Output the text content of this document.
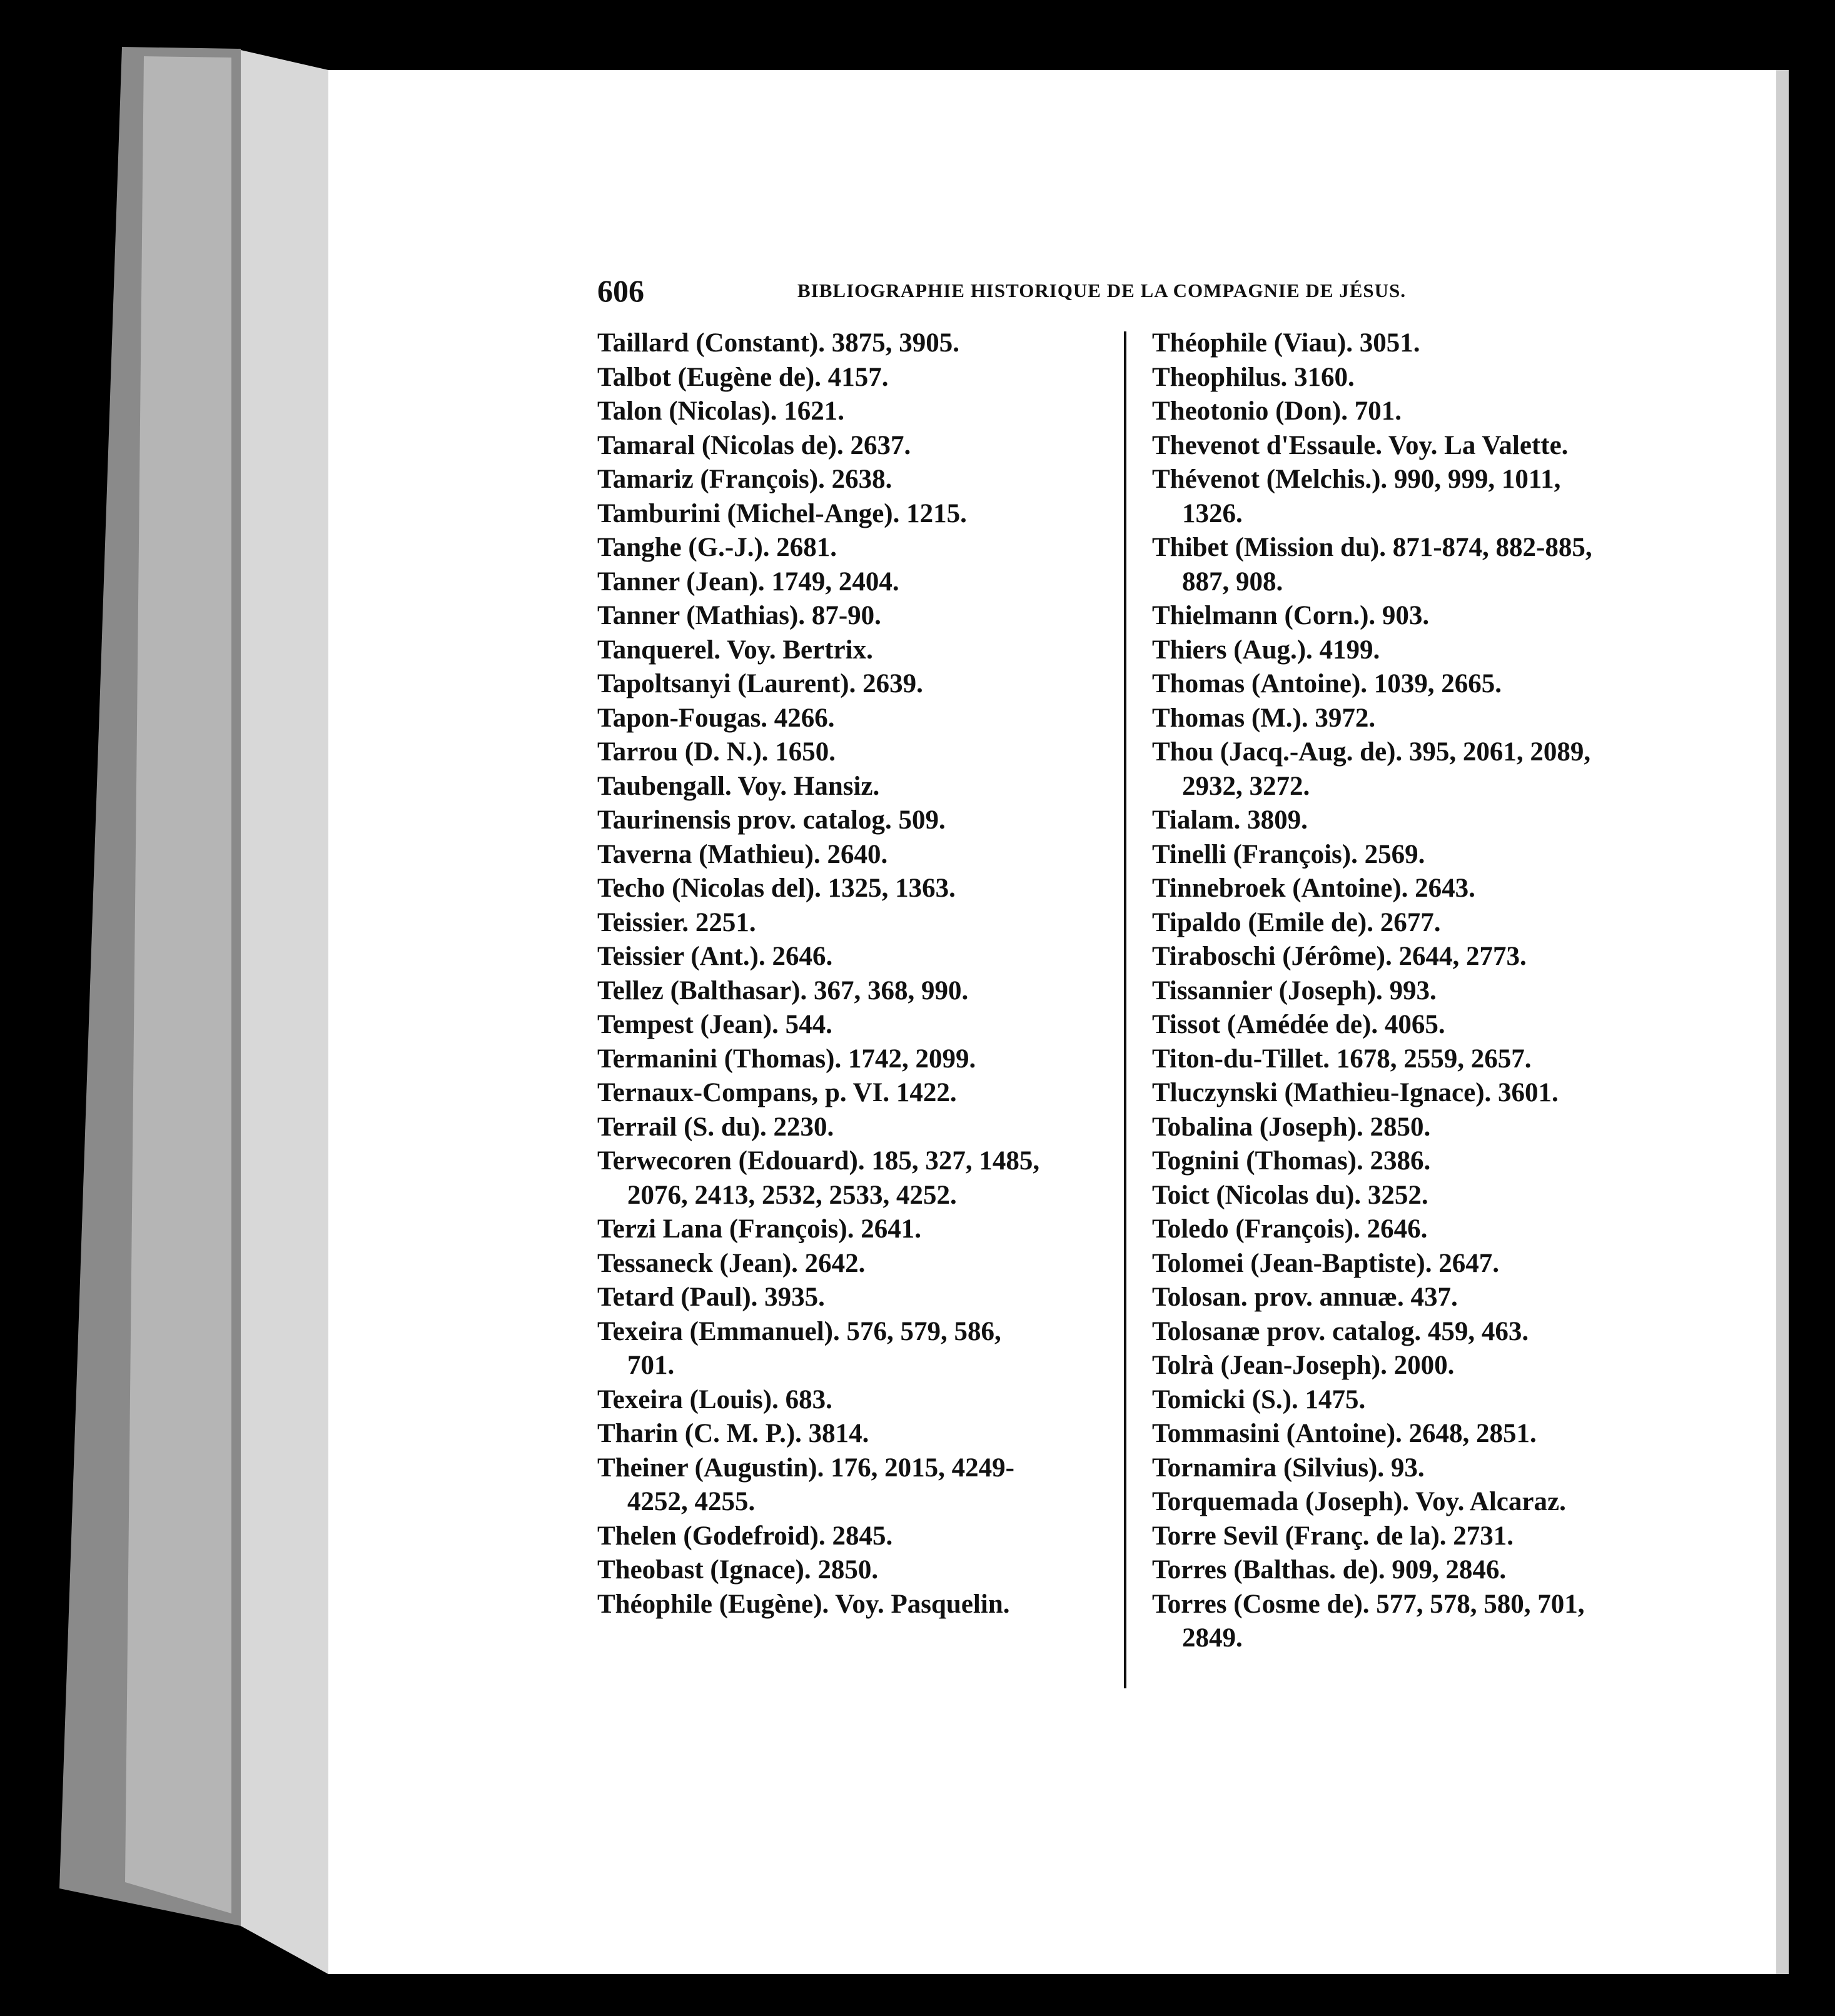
606	BIBLIOGRAPHIE HISTORIQUE DE LA COMPAGNIE DE JÉSUS.
Taillard (Constant). 3875, 3905.
Talbot (Eugène de). 4157.
Talon (Nicolas). 1621.
Tamaral (Nicolas de). 2637.
Tamariz (François). 2638.
Tamburini (Michel-Ange). 1215.
Tanghe (G.-J.). 2681.
Tanner (Jean). 1749, 2404.
Tanner (Mathias). 87-90.
Tanquerel. Voy. Bertrix.
Tapoltsanyi (Laurent). 2639.
Tapon-Fougas. 4266.
Tarrou (D. N.). 1650.
Taubengall. Voy. Hansiz.
Taurinensis prov. catalog. 509.
Taverna (Mathieu). 2640.
Techo (Nicolas del). 1325, 1363.
Teissier. 2251.
Teissier (Ant.). 2646.
Tellez (Balthasar). 367, 368, 990.
Tempest (Jean). 544.
Termanini (Thomas). 1742, 2099.
Ternaux-Compans, p. VI. 1422.
Terrail (S. du). 2230.
Terwecoren (Edouard). 185, 327, 1485,
2076, 2413, 2532, 2533, 4252.
Terzi Lana (François). 2641.
Tessaneck (Jean). 2642.
Tetard (Paul). 3935.
Texeira (Emmanuel). 576, 579, 586,
701.
Texeira (Louis). 683.
Tharin (C. M. P.). 3814.
Theiner (Augustin). 176, 2015, 4249-
4252, 4255.
Thelen (Godefroid). 2845.
Theobast (Ignace). 2850.
Théophile (Eugène). Voy. Pasquelin.
Théophile (Viau). 3051.
Theophilus. 3160.
Theotonio (Don). 701.
Thevenot d'Essaule. Voy. La Valette.
Thévenot (Melchis.). 990, 999, 1011,
1326.
Thibet (Mission du). 871-874, 882-885,
887, 908.
Thielmann (Corn.). 903.
Thiers (Aug.). 4199.
Thomas (Antoine). 1039, 2665.
Thomas (M.). 3972.
Thou (Jacq.-Aug. de). 395, 2061, 2089,
2932, 3272.
Tialam. 3809.
Tinelli (François). 2569.
Tinnebroek (Antoine). 2643.
Tipaldo (Emile de). 2677.
Tiraboschi (Jérôme). 2644, 2773.
Tissannier (Joseph). 993.
Tissot (Amédée de). 4065.
Titon-du-Tillet. 1678, 2559, 2657.
Tluczynski (Mathieu-Ignace). 3601.
Tobalina (Joseph). 2850.
Tognini (Thomas). 2386.
Toict (Nicolas du). 3252.
Toledo (François). 2646.
Tolomei (Jean-Baptiste). 2647.
Tolosan. prov. annuæ. 437.
Tolosanæ prov. catalog. 459, 463.
Tolrà (Jean-Joseph). 2000.
Tomicki (S.). 1475.
Tommasini (Antoine). 2648, 2851.
Tornamira (Silvius). 93.
Torquemada (Joseph). Voy. Alcaraz.
Torre Sevil (Franç. de la). 2731.
Torres (Balthas. de). 909, 2846.
Torres (Cosme de). 577, 578, 580, 701,
2849.
